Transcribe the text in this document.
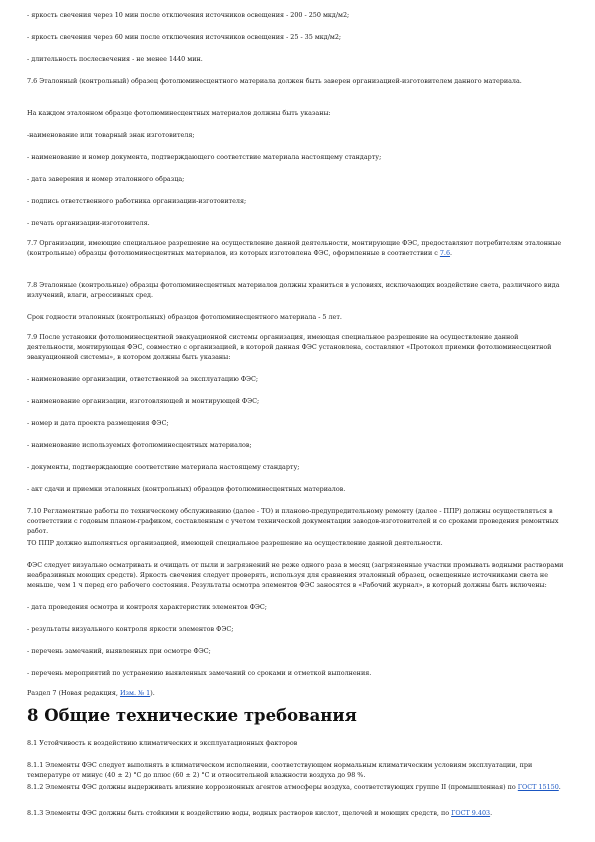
- яркость свечения через 10 мин после отключения источников освещения - 200 - 250 мкд/м2;

- яркость свечения через 60 мин после отключения источников освещения - 25 - 35 мкд/м2;

- длительность послесвечения - не менее 1440 мин.

7.6 Эталонный (контрольный) образец фотолюминесцентного материала должен быть заверен организацией-изготовителем данного материала.

На каждом эталонном образце фотолюминесцентных материалов должны быть указаны:

-наименование или товарный знак изготовителя;

- наименование и номер документа, подтверждающего соответствие материала настоящему стандарту;

- дата заверения и номер эталонного образца;

- подпись ответственного работника организации-изготовителя;

- печать организации-изготовителя.

7.7 Организации, имеющие специальное разрешение на осуществление данной деятельности, монтирующие ФЭС, предоставляют потребителям эталонные (контрольные) образцы фотолюминесцентных материалов, из которых изготовлена ФЭС, оформленные в соответствии с 7.6.

7.8 Эталонные (контрольные) образцы фотолюминесцентных материалов должны храниться в условиях, исключающих воздействие света, различного вида излучений, влаги, агрессивных сред.

Срок годности эталонных (контрольных) образцов фотолюминесцентного материала - 5 лет.

7.9 После установки фотолюминесцентной эвакуационной системы организация, имеющая специальное разрешение на осуществление данной деятельности, монтирующая ФЭС, совместно с организацией, в которой данная ФЭС установлена, составляют «Протокол приемки фотолюминесцентной эвакуационной системы», в котором должны быть указаны:

- наименование организации, ответственной за эксплуатацию ФЭС;

- наименование организации, изготовляющей и монтирующей ФЭС;

- номер и дата проекта размещения ФЭС;

- наименование используемых фотолюминесцентных материалов;

- документы, подтверждающие соответствие материала настоящему стандарту;

- акт сдачи и приемки эталонных (контрольных) образцов фотолюминесцентных материалов.

7.10 Регламентные работы по техническому обслуживанию (далее - ТО) и планово-предупредительному ремонту (далее - ППР) должны осуществляться в соответствии с годовым планом-графиком, составленным с учетом технической документации заводов-изготовителей и со сроками проведения ремонтных работ.

ТО ППР должно выполняться организацией, имеющей специальное разрешение на осуществление данной деятельности.

ФЭС следует визуально осматривать и очищать от пыли и загрязнений не реже одного раза в месяц (загрязненные участки промывать водными растворами неабразивных моющих средств). Яркость свечения следует проверять, используя для сравнения эталонный образец, освещенные источниками света не меньше, чем 1 ч перед его рабочего состояния. Результаты осмотра элементов ФЭС заносятся в «Рабочий журнал», в который должны быть включены:

- дата проведения осмотра и контроля характеристик элементов ФЭС;

- результаты визуального контроля яркости элементов ФЭС;

- перечень замечаний, выявленных при осмотре ФЭС;

- перечень мероприятий по устранению выявленных замечаний со сроками и отметкой выполнения.

Раздел 7 (Новая редакция, Изм. № 1).

8 Общие технические требования

8.1 Устойчивость к воздействию климатических и эксплуатационных факторов

8.1.1 Элементы ФЭС следует выполнять в климатическом исполнении, соответствующем нормальным климатическим условиям эксплуатации, при температуре от минус (40 ± 2) °С до плюс (60 ± 2) °С и относительной влажности воздуха до 98 %.

8.1.2 Элементы ФЭС должны выдерживать влияние коррозионных агентов атмосферы воздуха, соответствующих группе II (промышленная) по ГОСТ 15150.

8.1.3 Элементы ФЭС должны быть стойкими к воздействию воды, водных растворов кислот, щелочей и моющих средств, по ГОСТ 9.403.
